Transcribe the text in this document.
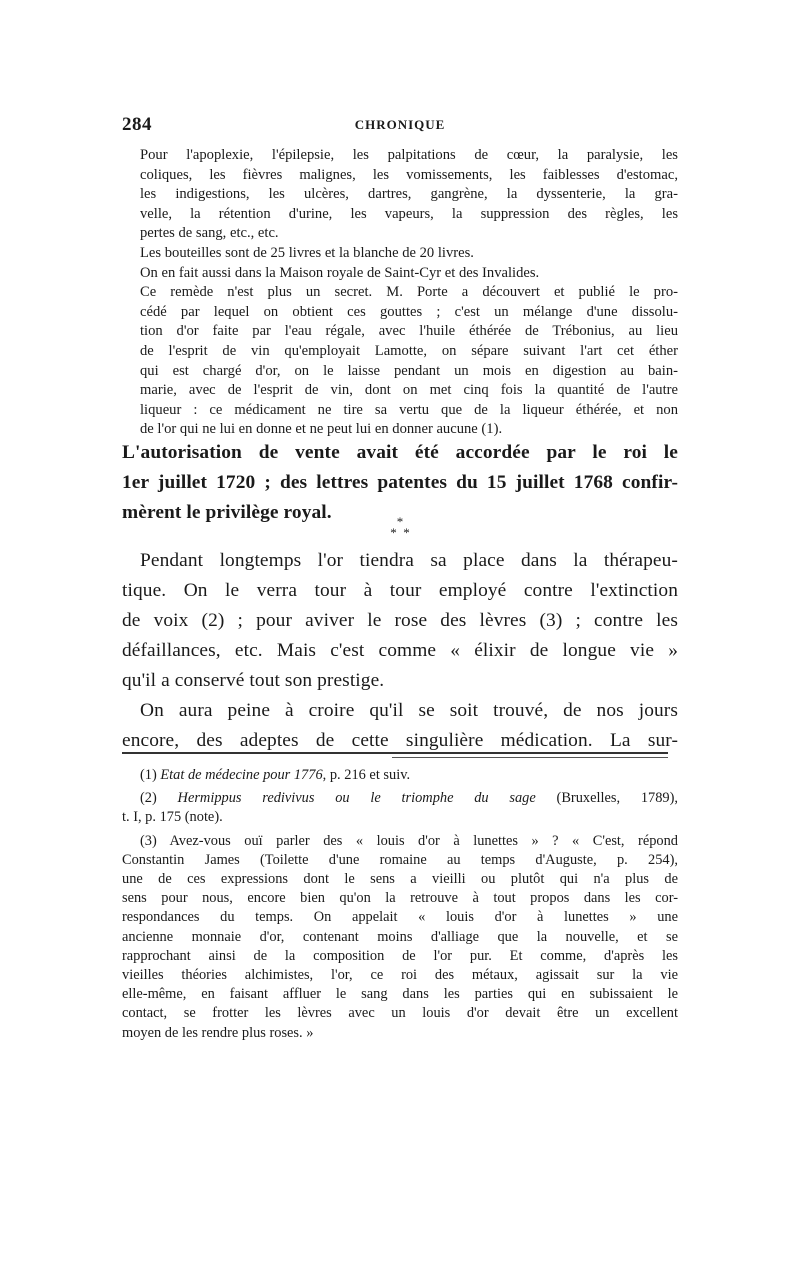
284	CHRONIQUE

Pour l'apoplexie, l'épilepsie, les palpitations de cœur, la paralysie, les
coliques, les fièvres malignes, les vomissements, les faiblesses d'estomac,
les indigestions, les ulcères, dartres, gangrène, la dyssenterie, la gra-
velle, la rétention d'urine, les vapeurs, la suppression des règles, les
pertes de sang, etc., etc.

Les bouteilles sont de 25 livres et la blanche de 20 livres.

On en fait aussi dans la Maison royale de Saint-Cyr et des Invalides.

Ce remède n'est plus un secret. M. Porte a découvert et publié le pro-
cédé par lequel on obtient ces gouttes ; c'est un mélange d'une dissolu-
tion d'or faite par l'eau régale, avec l'huile éthérée de Trébonius, au lieu
de l'esprit de vin qu'employait Lamotte, on sépare suivant l'art cet éther
qui est chargé d'or, on le laisse pendant un mois en digestion au bain-
marie, avec de l'esprit de vin, dont on met cinq fois la quantité de l'autre
liqueur : ce médicament ne tire sa vertu que de la liqueur éthérée, et non
de l'or qui ne lui en donne et ne peut lui en donner aucune (1).

L'autorisation de vente avait été accordée par le roi le
1er juillet 1720 ; des lettres patentes du 15 juillet 1768 confir-
mèrent le privilège royal.	*
*  *
Pendant longtemps l'or tiendra sa place dans la thérapeu-
tique. On le verra tour à tour employé contre l'extinction
de voix (2) ; pour aviver le rose des lèvres (3) ; contre les
défaillances, etc. Mais c'est comme « élixir de longue vie »
qu'il a conservé tout son prestige.
On aura peine à croire qu'il se soit trouvé, de nos jours
encore, des adeptes de cette singulière médication. La sur-
(1) Etat de médecine pour 1776, p. 216 et suiv.
(2) Hermippus redivivus ou le triomphe du sage (Bruxelles, 1789),
t. I, p. 175 (note).
(3) Avez-vous ouï parler des « louis d'or à lunettes » ? « C'est, répond
Constantin James (Toilette d'une romaine au temps d'Auguste, p. 254),
une de ces expressions dont le sens a vieilli ou plutôt qui n'a plus de
sens pour nous, encore bien qu'on la retrouve à tout propos dans les cor-
respondances du temps. On appelait « louis d'or à lunettes » une
ancienne monnaie d'or, contenant moins d'alliage que la nouvelle, et se
rapprochant ainsi de la composition de l'or pur. Et comme, d'après les
vieilles théories alchimistes, l'or, ce roi des métaux, agissait sur la vie
elle-même, en faisant affluer le sang dans les parties qui en subissaient le
contact, se frotter les lèvres avec un louis d'or devait être un excellent
moyen de les rendre plus roses. »
